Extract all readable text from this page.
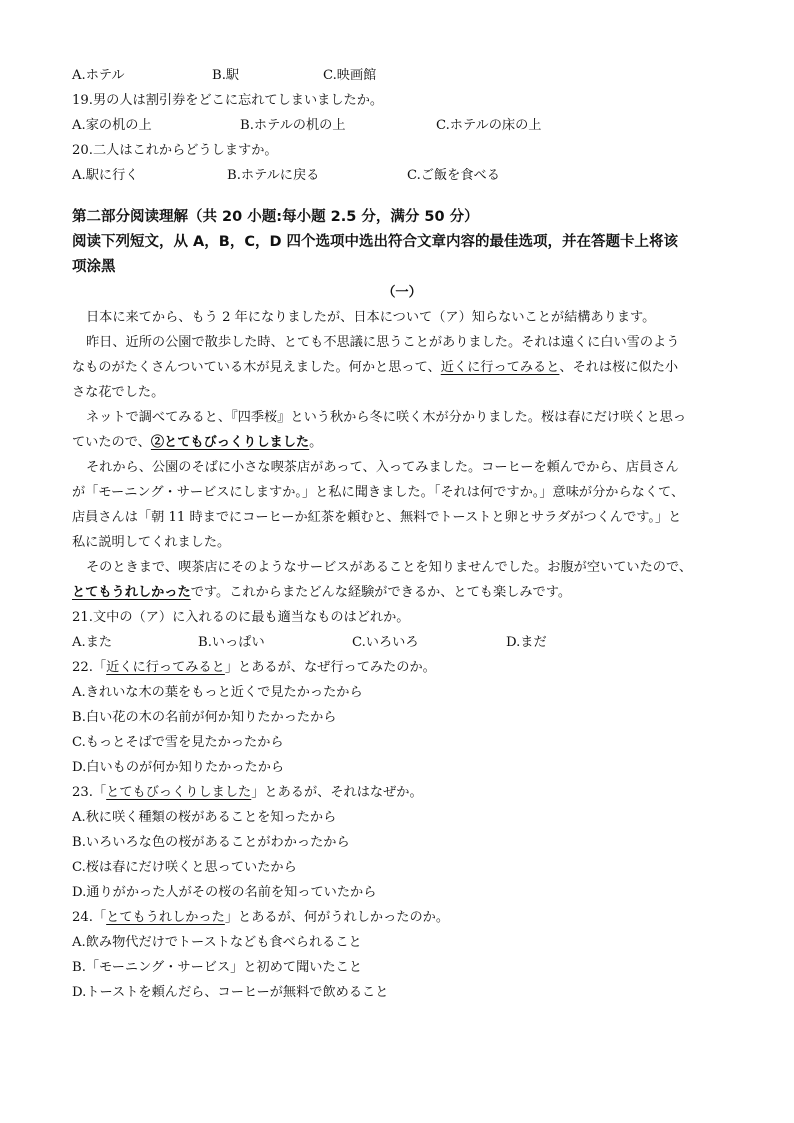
A.ホテル	B.駅	C.映画館
19.男の人は割引券をどこに忘れてしまいましたか。
A.家の机の上	B.ホテルの机の上	C.ホテルの床の上
20.二人はこれからどうしますか。
A.駅に行く	B.ホテルに戻る	C.ご飯を食べる
第二部分阅读理解（共 20 小题:每小题 2.5 分，满分 50 分）
阅读下列短文，从 A，B，C，D 四个选项中选出符合文章内容的最佳选项，并在答题卡上将该
项涂黑
（一）
日本に来てから、もう 2 年になりましたが、日本について（ア）知らないことが結構あります。
昨日、近所の公園で散歩した時、とても不思議に思うことがありました。それは遠くに白い雪のよう
なものがたくさんついている木が見えました。何かと思って、近くに行ってみると、それは桜に似た小
さな花でした。
ネットで調べてみると、『四季桜』という秋から冬に咲く木が分かりました。桜は春にだけ咲くと思っ
ていたので、②とてもびっくりしました。
それから、公園のそばに小さな喫茶店があって、入ってみました。コーヒーを頼んでから、店員さん
が「モーニング・サービスにしますか。」と私に聞きました。「それは何ですか。」意味が分からなくて、
店員さんは「朝 11 時までにコーヒーか紅茶を頼むと、無料でトーストと卵とサラダがつくんです。」と
私に説明してくれました。
そのときまで、喫茶店にそのようなサービスがあることを知りませんでした。お腹が空いていたので、
とてもうれしかったです。これからまたどんな経験ができるか、とても楽しみです。
21.文中の（ア）に入れるのに最も適当なものはどれか。
A.また	B.いっぱい	C.いろいろ	D.まだ
22.「近くに行ってみると」とあるが、なぜ行ってみたのか。
A.きれいな木の葉をもっと近くで見たかったから
B.白い花の木の名前が何か知りたかったから
C.もっとそばで雪を見たかったから
D.白いものが何か知りたかったから
23.「とてもびっくりしました」とあるが、それはなぜか。
A.秋に咲く種類の桜があることを知ったから
B.いろいろな色の桜があることがわかったから
C.桜は春にだけ咲くと思っていたから
D.通りがかった人がその桜の名前を知っていたから
24.「とてもうれしかった」とあるが、何がうれしかったのか。
A.飲み物代だけでトーストなども食べられること
B.「モーニング・サービス」と初めて聞いたこと
D.トーストを頼んだら、コーヒーが無料で飲めること
